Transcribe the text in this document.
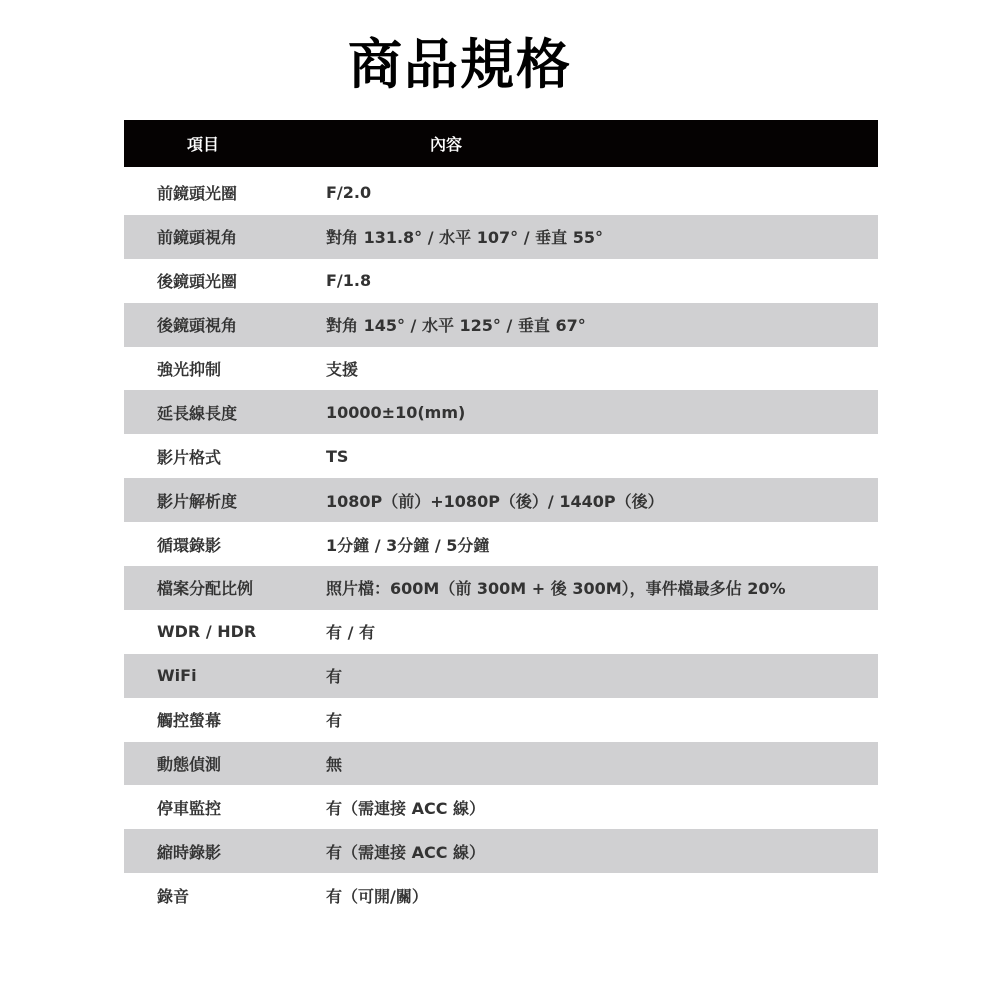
商品規格
項目	內容
前鏡頭光圈	F/2.0
前鏡頭視角	對角 131.8° / 水平 107° / 垂直 55°
後鏡頭光圈	F/1.8
後鏡頭視角	對角 145° / 水平 125° / 垂直 67°
強光抑制	支援
延長線長度	10000±10(mm)
影片格式	TS
影片解析度	1080P（前）+1080P（後）/ 1440P（後）
循環錄影	1分鐘 / 3分鐘 / 5分鐘
檔案分配比例	照片檔：600M（前 300M + 後 300M），事件檔最多佔 20%
WDR / HDR	有 / 有
WiFi	有
觸控螢幕	有
動態偵測	無
停車監控	有（需連接 ACC 線）
縮時錄影	有（需連接 ACC 線）
錄音	有（可開/關）
